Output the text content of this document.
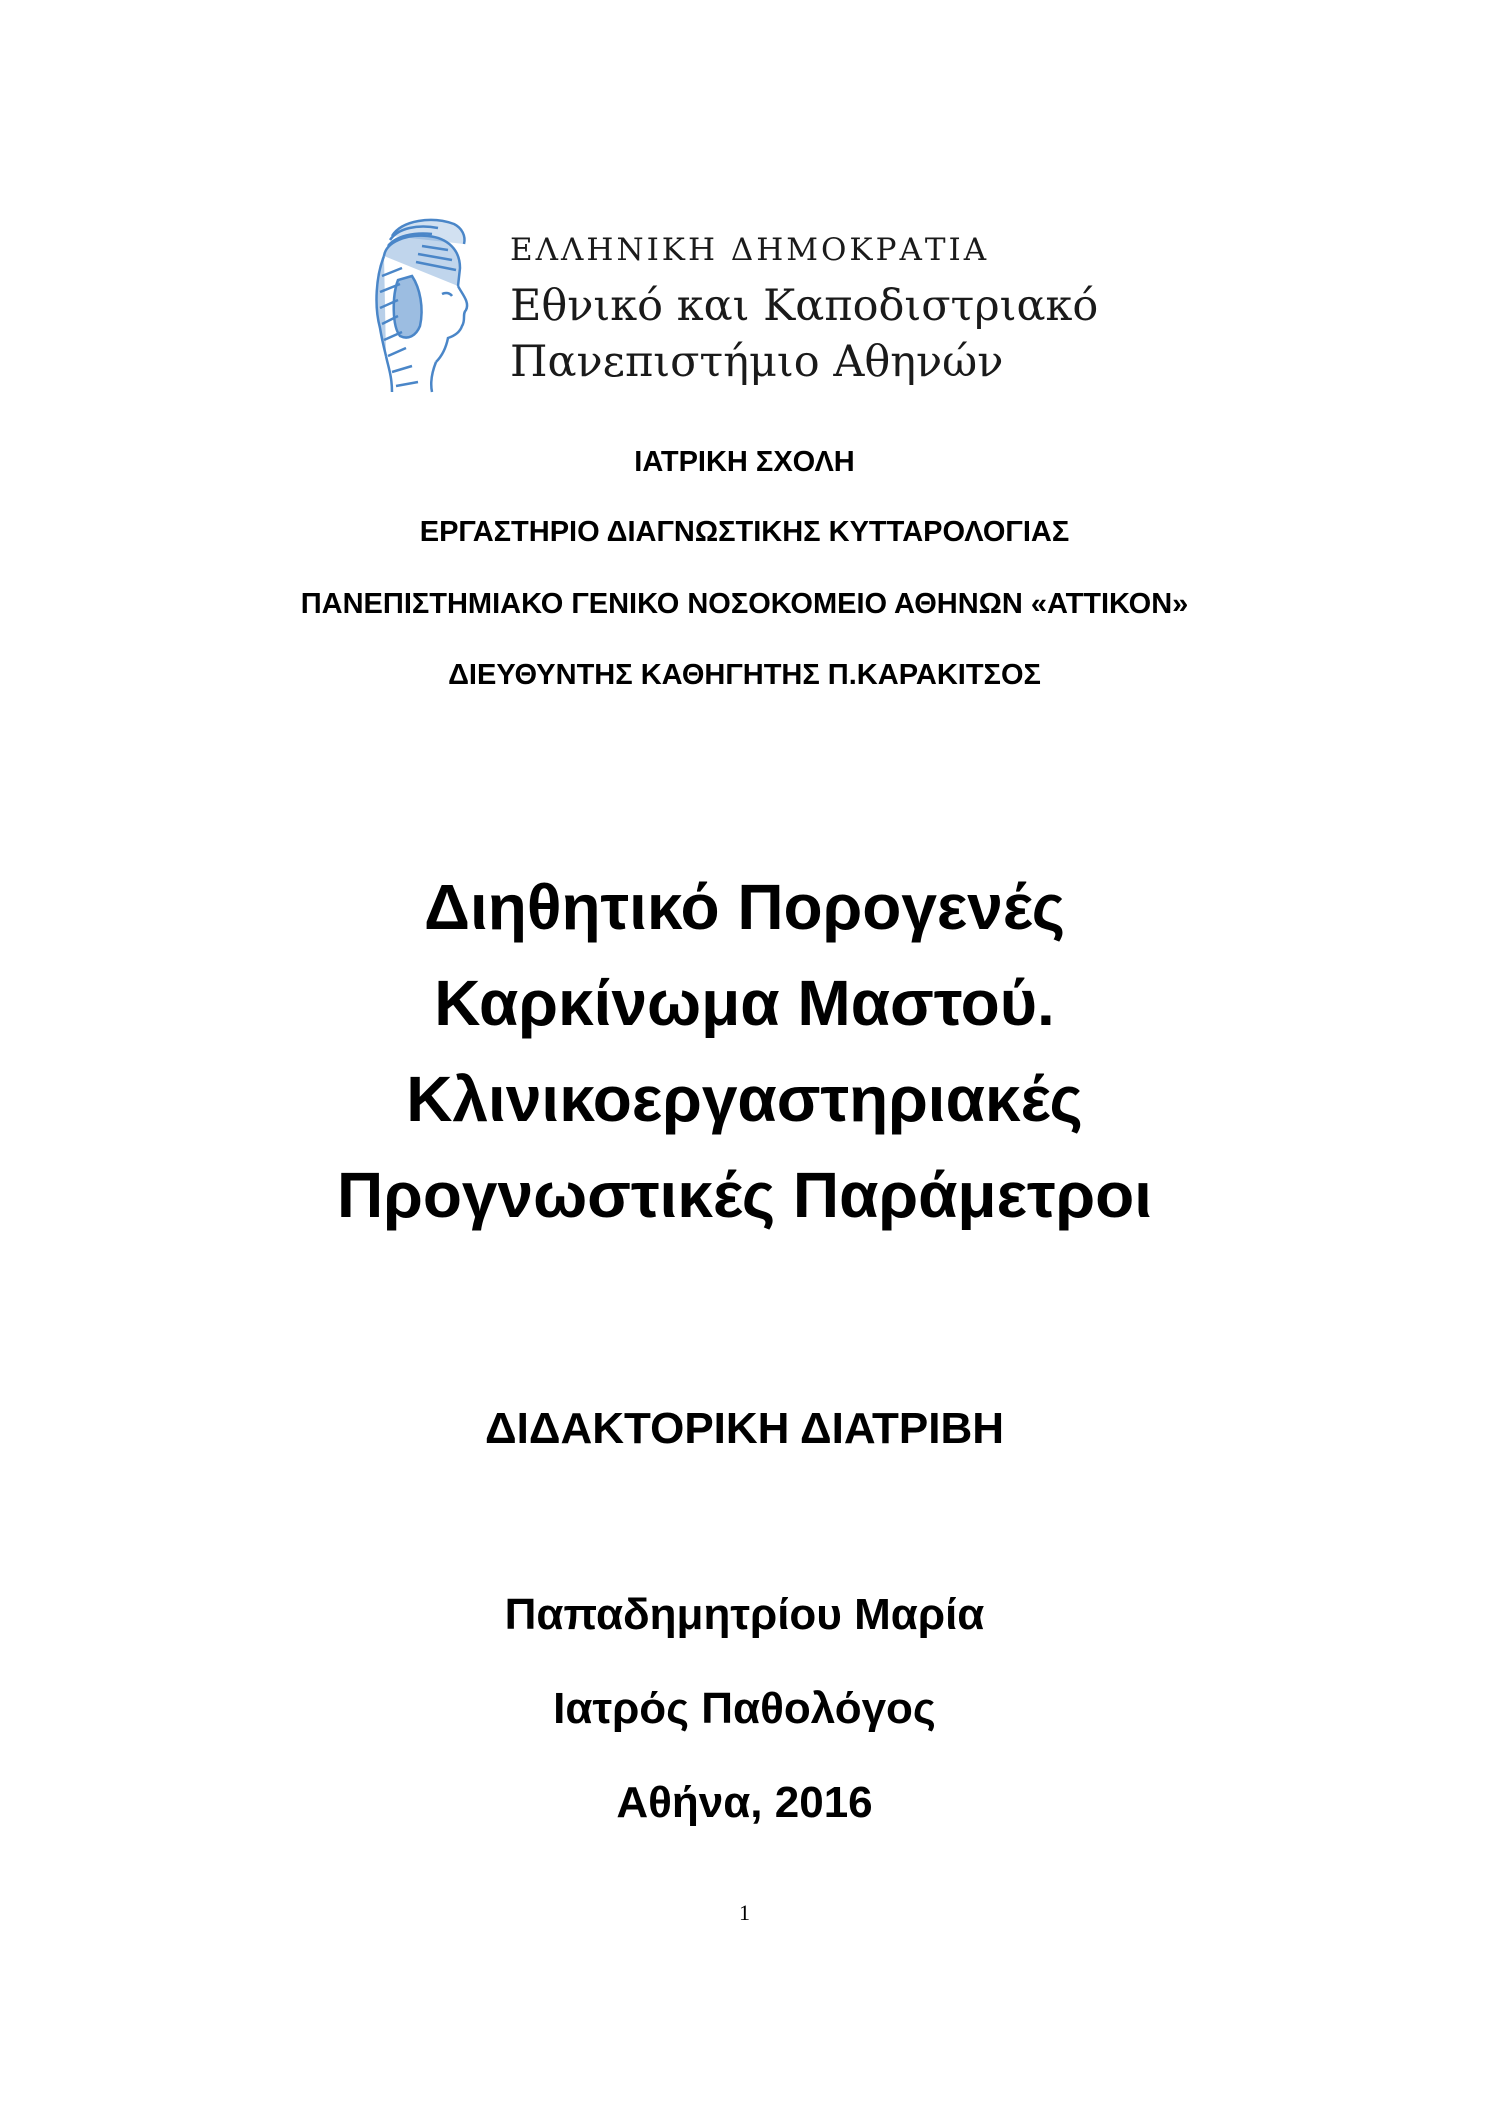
ΕΛΛΗΝΙΚΗ ΔΗΜΟΚΡΑΤΙΑ
Εθνικό και Καποδιστριακό
Πανεπιστήμιο Αθηνών
ΙΑΤΡΙΚΗ ΣΧΟΛΗ
ΕΡΓΑΣΤΗΡΙΟ ΔΙΑΓΝΩΣΤΙΚΗΣ ΚΥΤΤΑΡΟΛΟΓΙΑΣ
ΠΑΝΕΠΙΣΤΗΜΙΑΚΟ ΓΕΝΙΚΟ ΝΟΣΟΚΟΜΕΙΟ ΑΘΗΝΩΝ «ΑΤΤΙΚΟΝ»
ΔΙΕΥΘΥΝΤΗΣ ΚΑΘΗΓΗΤΗΣ Π.ΚΑΡΑΚΙΤΣΟΣ
Διηθητικό Πορογενές
Καρκίνωμα Μαστού.
Κλινικοεργαστηριακές
Προγνωστικές Παράμετροι
ΔΙΔΑΚΤΟΡΙΚΗ ΔΙΑΤΡΙΒΗ
Παπαδημητρίου Μαρία
Ιατρός Παθολόγος
Αθήνα, 2016
1
